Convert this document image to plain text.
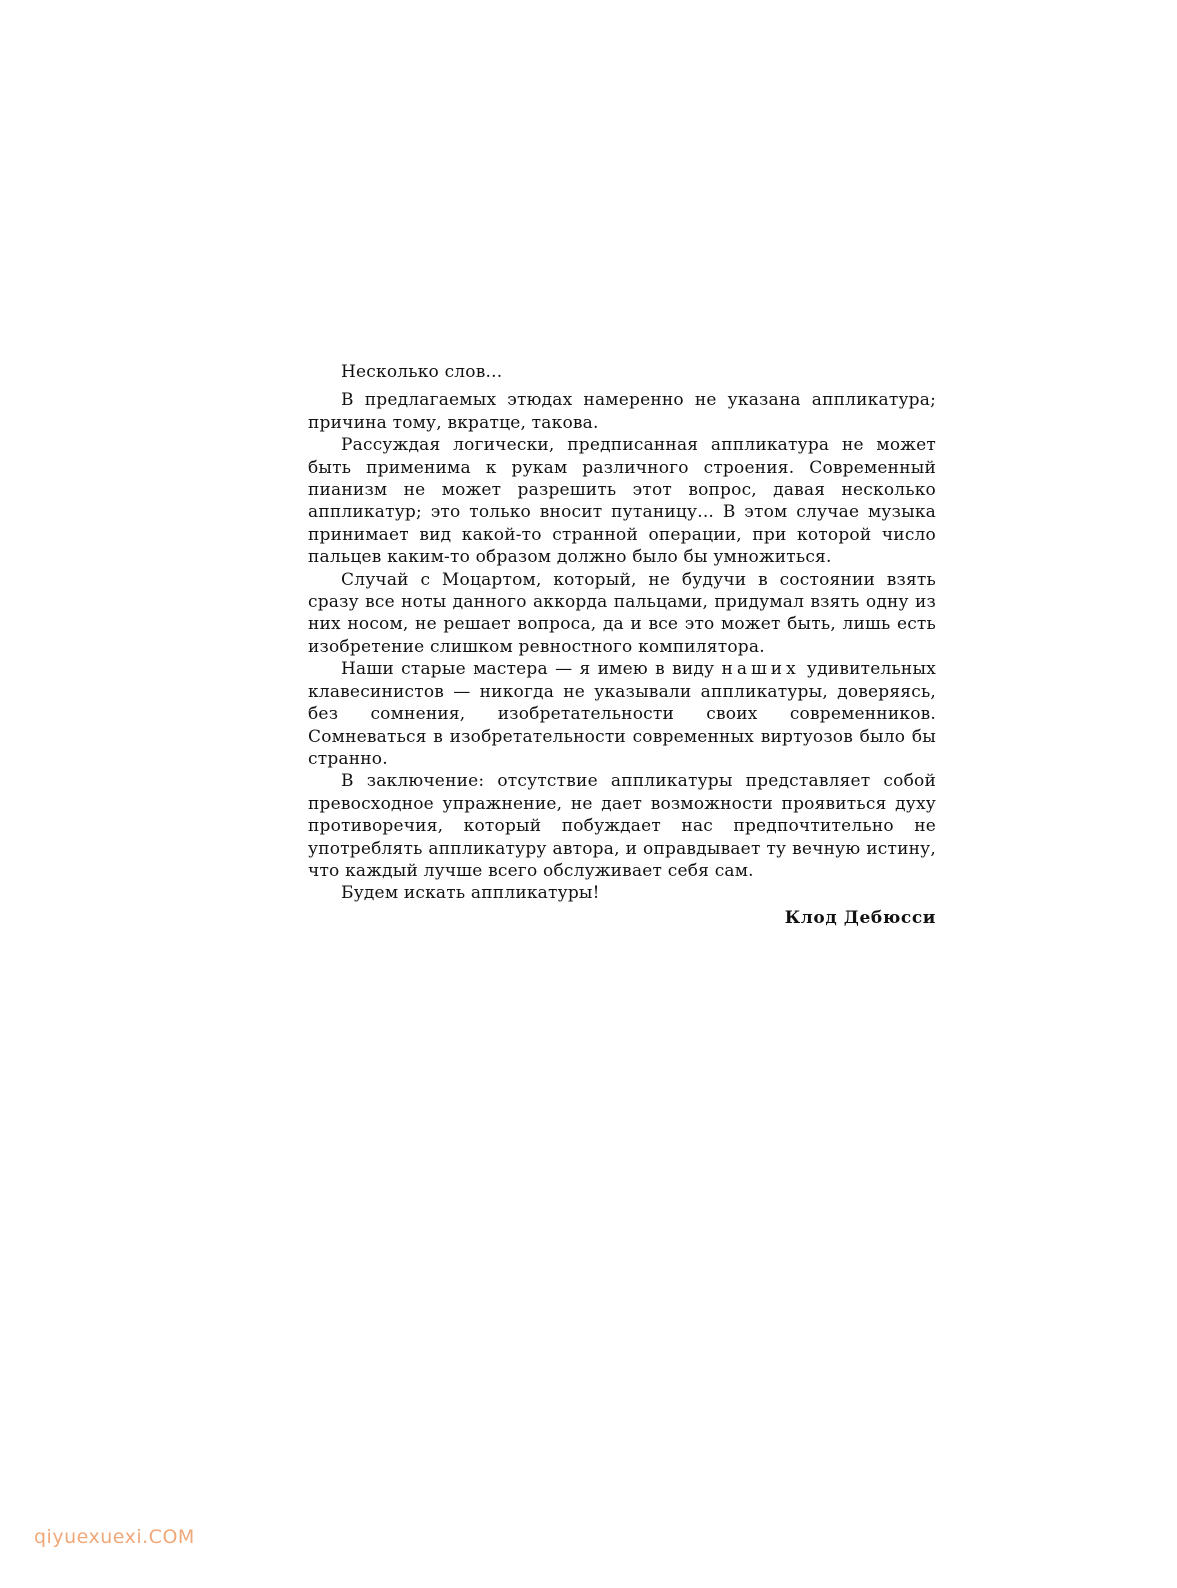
Несколько слов...

В предлагаемых этюдах намеренно не указана аппликатура; причина тому, вкратце, такова.

Рассуждая логически, предписанная аппликатура не может быть применима к рукам различного строения. Современный пианизм не может разрешить этот вопрос, давая несколько аппликатур; это только вносит путаницу... В этом случае музыка принимает вид какой-то странной операции, при которой число пальцев каким-то образом должно было бы умножиться.

Случай с Моцартом, который, не будучи в состоянии взять сразу все ноты данного аккорда пальцами, придумал взять одну из них носом, не решает вопроса, да и все это может быть, лишь есть изобретение слишком ревностного компилятора.

Наши старые мастера — я имею в виду наших удивительных клавесинистов — никогда не указывали аппликатуры, доверяясь, без сомнения, изобретательности своих современников. Сомневаться в изобретательности современных виртуозов было бы странно.

В заключение: отсутствие аппликатуры представляет собой превосходное упражнение, не дает возможности проявиться духу противоречия, который побуждает нас предпочтительно не употреблять аппликатуру автора, и оправдывает ту вечную истину, что каждый лучше всего обслуживает себя сам.

Будем искать аппликатуры!

Клод Дебюсси

qiyuexuexi.COM
